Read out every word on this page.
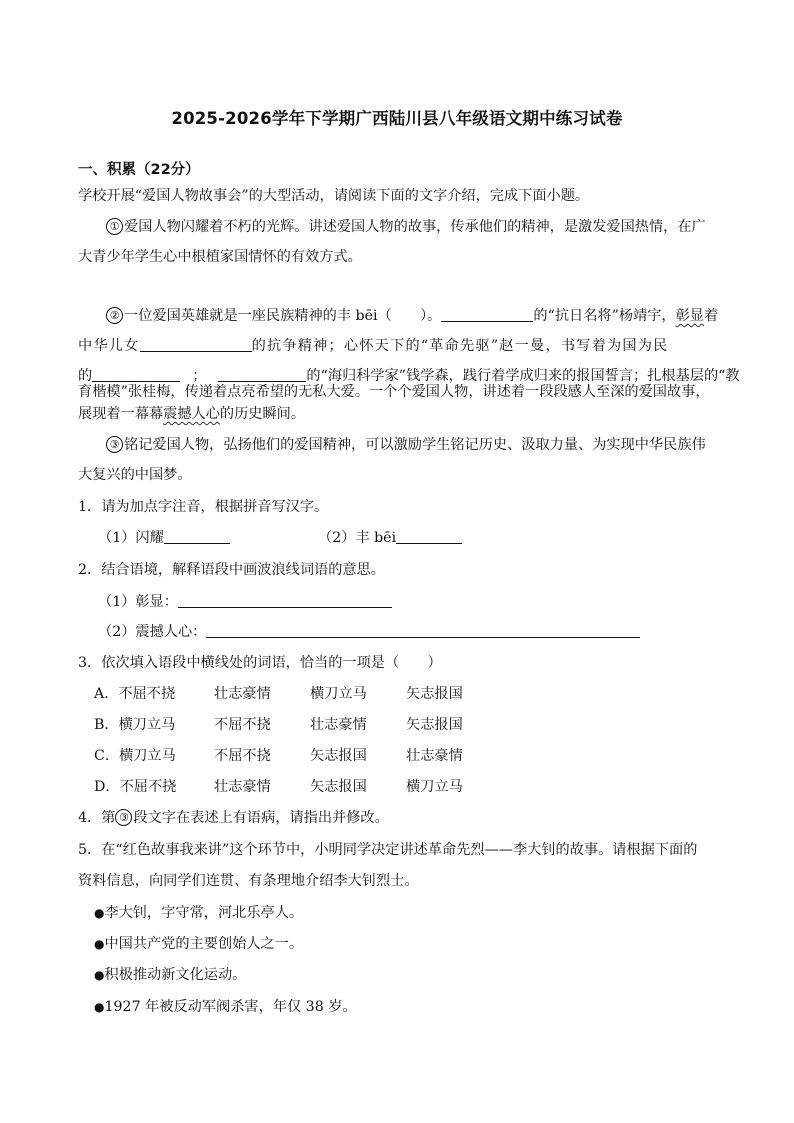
2025-2026学年下学期广西陆川县八年级语文期中练习试卷
一、积累（22分）
学校开展“爱国人物故事会”的大型活动，请阅读下面的文字介绍，完成下面小题。
① 爱国人物闪耀着不朽的光辉。讲述爱国人物的故事，传承他们的精神，是激发爱国热情，在广
大青少年学生心中根植家国情怀的有效方式。
② 一位爱国英雄就是一座民族精神的丰 bēi（　　）。	的“抗日名将”杨靖宇，彰显着
中华儿女	的抗争精神；心怀天下的“革命先驱”赵一曼，书写着为国为民
的	；	的“海归科学家”钱学森，践行着学成归来的报国誓言；扎根基层的“教
育楷模”张桂梅，传递着点亮希望的无私大爱。一个个爱国人物，讲述着一段段感人至深的爱国故事，
展现着一幕幕震撼人心的历史瞬间。
③ 铭记爱国人物，弘扬他们的爱国精神，可以激励学生铭记历史、汲取力量、为实现中华民族伟
大复兴的中国梦。
1．请为加点字注音，根据拼音写汉字。
（1）闪耀	（2）丰 bēi
2．结合语境，解释语段中画波浪线词语的意思。
（1）彰显：
（2）震撼人心：
3．依次填入语段中横线处的词语，恰当的一项是（　　）
A．不屈不挠	壮志豪情	横刀立马	矢志报国
B．横刀立马	不屈不挠	壮志豪情	矢志报国
C．横刀立马	不屈不挠	矢志报国	壮志豪情
D．不屈不挠	壮志豪情	矢志报国	横刀立马
4．第 ③ 段文字在表述上有语病，请指出并修改。
5．在“红色故事我来讲”这个环节中，小明同学决定讲述革命先烈——李大钊的故事。请根据下面的
资料信息，向同学们连贯、有条理地介绍李大钊烈士。
●李大钊，字守常，河北乐亭人。
●中国共产党的主要创始人之一。
●积极推动新文化运动。
●1927 年被反动军阀杀害，年仅 38 岁。
